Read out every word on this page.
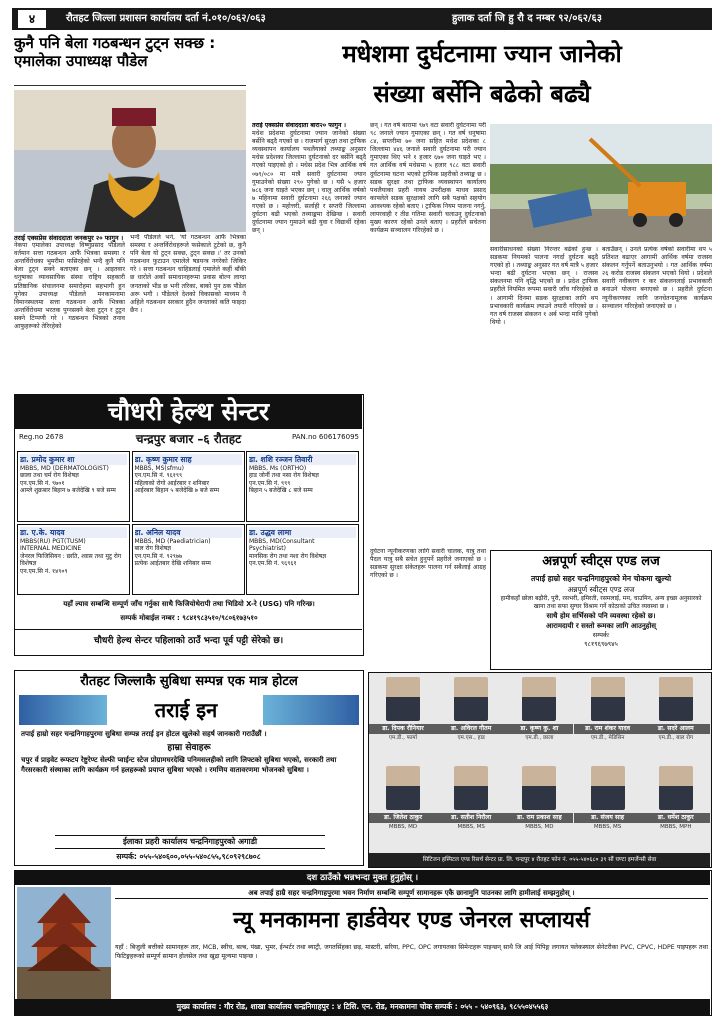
४	रौतहट जिल्ला प्रशासन कार्यालय दर्ता नं.०१०/०६२/०६३	हुलाक दर्ता जि हु रौ द नम्बर ९२/०६२/६३
कुनै पनि बेला गठबन्धन टुट्न सक्छ : एमालेका उपाध्यक्ष पौडेल
तराई एक्सप्रेस संवाददाता जनकपुर २० फागुन ।
नेकपा एमालेका उपाध्यक्ष विष्णुप्रसाद पौडेलले वर्तमान सत्ता गठबन्धन आफैं भित्रका समस्या र अन्तर्विरोधका भुमरीमा फसिरहेको भन्दै कुनै पनि बेला टुट्न सक्ने बताएका छन् । आइतवार धनुषाका व्यावसायिक संस्था राष्ट्रिय सहकारी प्रतिष्ठानिक संचालनमा समारोहमा सहभागी हुन पुगेका उपाध्यक्ष पौडेलले मनकामनामा विमानस्थलमा सत्ता गठबन्धन आफैं भित्रका अन्तर्विरोधमा भरतक पुग्नसक्ने बेला टुट्न र टुटुन सक्ने टिप्पणी गरे । गठबन्धन भित्रको तनाव आफुहरूको तेरिरहेको
भन्दै पौडेलले भने, 'यो गठबन्धन आफैं भित्रका समस्या र अन्तर्विरोधहरूले फसेकाले टुटेको छ, कुनै पनि बेला यो टुट्न सक्छ, टुट्न सक्छ ।' तर उनको गठबन्धन फुटाउन एमालेले षडयन्त्र नगरेको जिकिर गरे । सत्ता गठबन्धन चाहिडलाई एमालेले कहीं बाँकी छ धारोले अर्को समाधानहरूमा प्रवास बोल्न लाग्दा जनताको भीड छ भनी तरिका, बाको पुन ठक पौडेल अरू भगौ । पौडेलले देशको विकासको माध्यम नै अहिले गठबन्धन सरकार हुदैन जनताको कति फाइदा छैन ।
मधेशमा दुर्घटनामा ज्यान जानेको
संख्या बर्सेनि बढेको बढ्यै
तराई एक्सप्रेस संवाददाता बारा२० फागुन ।
मधेश प्रदेशमा दुर्घटनामा ज्यान जानेको संख्या बर्सेनि बढ्दै गएको छ । राजमार्ग सुरक्षा तथा ट्राफिक व्यवस्थापन कार्यालय पथलैयाको तथ्याङ्क अनुसार मधेस प्रदेशका जिल्लामा दुर्घटनाको दर बर्सेनि बढ्दै गएको पाइएको हो । मधेस प्रदेश भित्र आर्थिक वर्ष ०७९/०८० मा मात्रै सवारी दुर्घटनामा ज्यान गुमाउनेको संख्या २९० पुगेको छ । यसै ५ हजार ७८६ जना घाइते भएका छन् । चालु आर्थिक वर्षको ७ महिनामा सवारी दुर्घटनामा २६६ जनाको ज्यान गएको छ । महोत्तरी, सर्लाही र सप्तरी जिल्लामा दुर्घटना बढी भएको तथ्याङ्कमा देखिन्छ । सवारी दुर्घटनामा ज्यान गुमाउने बढी युवा र विद्यार्थी रहेका छन् ।
छन् । गत वर्ष बारामा ९७९ वटा सवारी दुर्घटनामा परी ९८ जनाले ज्यान गुमाएका छन् । गत वर्ष धनुषामा ८४, सप्तरीमा ७० जना सहित मधेश प्रदेशका ८ जिल्लामा ४४६ जनाले सवारी दुर्घटनामा परी ज्यान गुमाएका थिए भने १ हजार ६७० जना घाइते भए । गत आर्थिक वर्ष मधेसमा ५ हजार ९८८ वटा सवारी दुर्घटनामा घटना भएको ट्राफिक प्रहरीको तथ्याङ्क छ । सडक सुरक्षा तथा ट्राफिक व्यवस्थापन कार्यालय पथलैयाका प्रहरी नायब उपरीक्षक माधव प्रसाद काफ्लेले सडक सुरक्षाको लागि सबै पक्षको सहयोग आवश्यक रहेको बताए । ट्राफिक नियम पालना नगर्नु, लापरवाही र तीव्र गतिमा सवारी चलाउनु दुर्घटनाको मुख्य कारण रहेको उनले बताए । प्रहरीले सचेतना कार्यक्रम सञ्चालन गरिरहेको छ ।
सवारीसाधनको संख्या निरन्तर बढेको हुन्छ । सडकमा नियमको पालना नगर्दा दुर्घटना बढ्दै गएको हो । तथ्याङ्क अनुसार गत वर्ष मात्रै ५ हजार भन्दा बढी दुर्घटना भएका छन् । राजस्व संकलनमा पनि वृद्धि भएको छ । प्रदेश ट्राफिक प्रहरीले नियमित रूपमा सवारी जाँच गरिरहेको छ । आगामी दिनमा सडक सुरक्षाका लागि थप प्रभावकारी कार्यक्रम ल्याउने तयारी गरिएको छ । गत वर्ष राजस्व संकलन १ अर्ब भन्दा माथि पुगेको थियो ।
बताउँछन् । उनले प्रत्येक वर्षको सवारीमा थप ५ प्रतिशत बढाएर आगामी आर्थिक वर्षमा राजस्व संकलन गर्नुपर्ने बताउनुभयो । गत आर्थिक वर्षमा २६ करोड राजस्व संकलन भएको थियो । प्रदेशले सवारी नवीकरण र कर संकलनलाई प्रभावकारी बनाउने योजना बनाएको छ । प्रहरीले दुर्घटना न्यूनीकरणका लागि जनचेतनामूलक कार्यक्रम सञ्चालन गरिरहेको जनाएको छ ।
चौधरी हेल्थ सेन्टर
Reg.no 2678	चन्द्रपुर बजार –६ रौतहट	PAN.no 606176095
डा. प्रमोद कुमार शा
MBBS, MD (DERMATOLOGIST)
छाला तथा चर्म रोग विशेषज्ञ
एन.एम.सि नं. ९७०१
आम्ले शुक्रबार बिहान ७ बजेदेखि ९ बजे सम्म
डा. कृष्ण कुमार साह
MBBS, MS(sfmu)
एन.एम.सि नं. ९६१९९
महिलाको रोगो आईरबार र शनिबार
आईरबार बिहान ५ बजेदेखि ७ बजे सम्म
डा. शशि रञ्जन तिवारी
MBBS, Ms (ORTHO)
हाड जोर्नी तथा नसा रोग विशेषज्ञ
एन.एम.सि नं. ९९९
बिहान ५ बजेदेखि ८ बजे सम्म
डा. ए.के. यादव
MBBS(RU) PGT(TUSM)
INTERNAL MEDICINE
जेनरल फिजिसियन : छाति, श्वास तथा मुटु रोग विशेषज्ञ
एन.एम.सि नं. १४९०९
डा. अनिल यादव
MBBS, MD (Paediatrician)
बाल रोग विशेषज्ञ
एन.एम.सि नं. ९२९७७
प्रत्येक आईतबार देखि शनिबार सम्म
डा. उद्धव लामा
MBBS, MD(Consultant
Psychiatrist)
मानसिक रोग तथा नशा रोग विशेषज्ञ
एन.एम.सि नं. ९६९६१
यहाँ ल्याव सम्बन्धि सम्पूर्ण जाँच गर्नुका साथै फिजियोथेरापी तथा भिडियो X-रे (USG) पनि गरिन्छ।
सम्पर्क मोबाईल नम्बर : ९८४१९८३५१०/९८०६१७३५१०
चौधरी हेल्थ सेन्टर पहिलाको ठाउँ भन्दा पूर्व पट्टी सेरेको छ।
दुर्घटना न्यूनीकरणका लागि सवारी चालक, यात्रु तथा पैदल यात्रु सबै सचेत हुनुपर्ने प्रहरीले जनाएको छ । सडकमा सुरक्षा संकेतहरू पालना गर्न सबैलाई आग्रह गरिएको छ ।
अन्नपूर्ण स्वीट्स एण्ड लज
तपाईं हाम्रो सहर चन्द्रनिगाहपुरको मेन चोकमा खुल्यो
अन्नपूर्ण स्वीट्स एण्ड लज
हामीकहाँ छोला बढ़ौरी, पुरी, रसभरी, इमिरती, रसमलाई, मम, चाउमिन, अन्य इच्छा अनुसारको खाना तथा सफा सुग्घर विश्राम गर्ने कोठाको उचित व्यवस्था छ ।
साथै होम सर्भिसको पनि व्यवस्था रहेको छ।
आरामदायी र सस्तो रूमका लागि आउनुहोस्
सम्पर्कः
९८१९६९७९४५
रौतहट जिल्लाकै सुबिधा सम्पन्न एक मात्र होटल
तराई इन
तपाई हाम्रो सहर चन्द्रनिगाहपुरमा सुबिधा सम्पन्न तराई इन होटल खुलेको सहर्ष जानकारी गराउँछौं ।
हाम्रा सेवाहरू
चपुर र्व प्राइवेट रूफटप रेष्टुरेण्ट सेल्फी प्वाईन्ट स्टेज प्रोग्रामघरदेखि पनिमसलहीको लागि लिफ्टको सुबिधा भएको, सरकारी तथा गैरसरकारी संस्थाका लागि कार्यक्रम गर्न हलहरूको प्रयाप्त सुबिधा भएको । रमणिय वातावरणमा भोजनको सुबिधा ।
ईलाका प्रहरी कार्यालय चन्द्रनिगाहपुरको अगाडी
सम्पर्क: ०५५-५४०६००,०५५-५४०८५५,९८०९२९८७०८
डा. दिपक रौनियार
एम.डी., फार्मा
डा. अविरल गौतम
एम.एस., हाड
डा. कृष्ण कु. शा
एम.डी., छाला
डा. राम शंकर यादव
एम.डी., मेडिसिन
डा. सदरे आलम
एम.डी., बाल रोग
डा. जितेश ठाकुर
MBBS, MD
डा. सतीश निरौला
MBBS, MS
डा. राम प्रकाश साह
MBBS, MD
डा. संजय साह
MBBS, MS
डा. धर्मेश ठाकुर
MBBS, MPH
सिटिजन हस्पिटल एण्ड रिसर्च सेन्टर प्रा. लि. चन्द्रपुर ४ रौतहट फोन नं. ०५५-५४०६८० ३९ सौं घण्टा इमर्जेन्सी सेवा
दश ठाउँको भन्नभन्दा मुक्त हुनुहोस् ।
अब तपाई हाम्रै सहर चन्द्रनिगाहपुरमा भवन निर्माण सम्बन्धि सम्पूर्ण सामानहरू एकै छानामुनि पाउनका लागि हामीलाई सम्झनुहोस् ।
न्यू मनकामना हार्डवेयर एण्ड जेनरल सप्लायर्स
यहाँ : बिजुली बत्तीको सामानहरू तार, MCB, स्वीच, बल्ब, पंखा, भुमर, ईन्भर्टर तथा ब्याट्री, जगतसिंहका छड़, मास्टरी, सरिया, PPC, OPC लगायतका सिमेन्टहरू पाइन्छन् साथै जि आई पिपिङ्ग लगायत फ्लेकस्याल सेनेटरीका PVC, CPVC, HDPE पाइपहरू तथा फिटिङ्गहरूको सम्पूर्ण सामान होलसेल तथा खुद्रा मूल्यमा पाइन्छ ।
मुख्य कार्यालय : गौर रोड, शाखा कार्यालय चन्द्रनिगाहपुर : ४ टिसि. एन. रोड, मनकामना चोक सम्पर्क : ०५५ - ५४०९६३, ९८५५०४५५६३
